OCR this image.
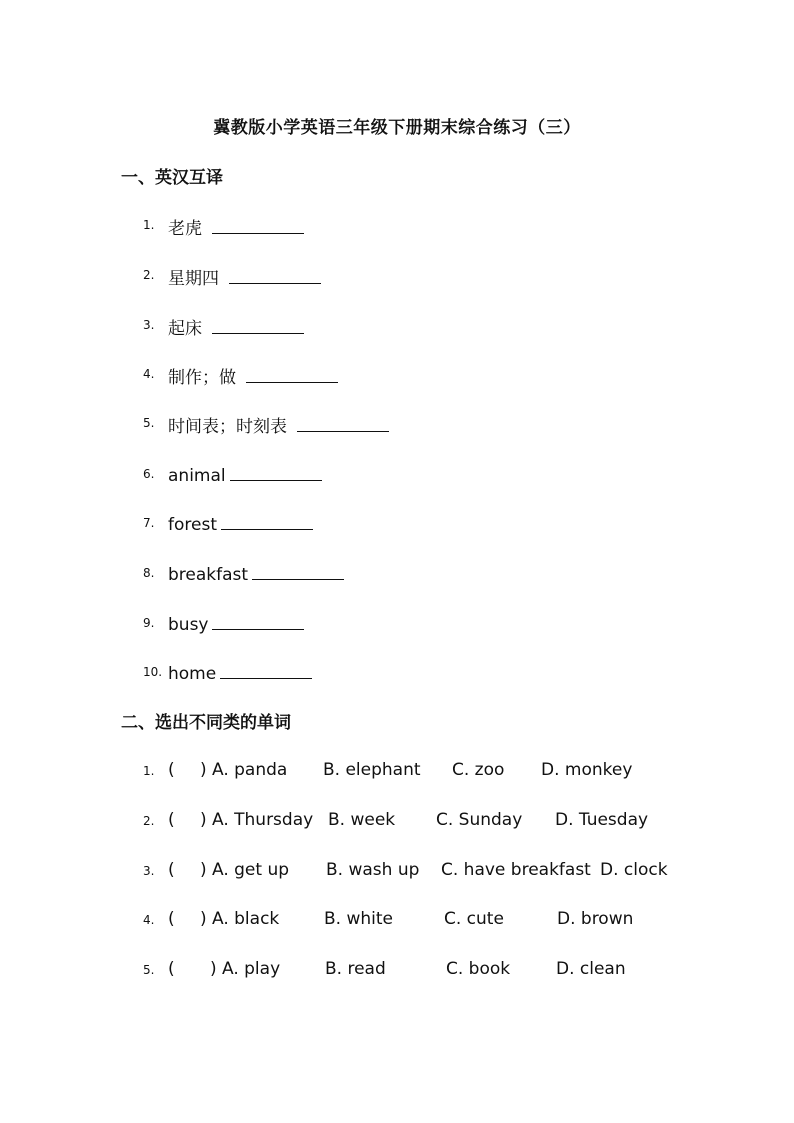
冀教版小学英语三年级下册期末综合练习（三）
一、英汉互译
1. 老虎
2. 星期四
3. 起床
4. 制作；做
5. 时间表；时刻表
6. animal
7. forest
8. breakfast
9. busy
10. home
二、选出不同类的单词
1. ( ) A. panda B. elephant C. zoo D. monkey
2. ( ) A. Thursday B. week C. Sunday D. Tuesday
3. ( ) A. get up B. wash up C. have breakfast D. clock
4. ( ) A. black	B. white	C. cute	D. brown
5. ( ) A. play	B. read	C. book	D. clean
